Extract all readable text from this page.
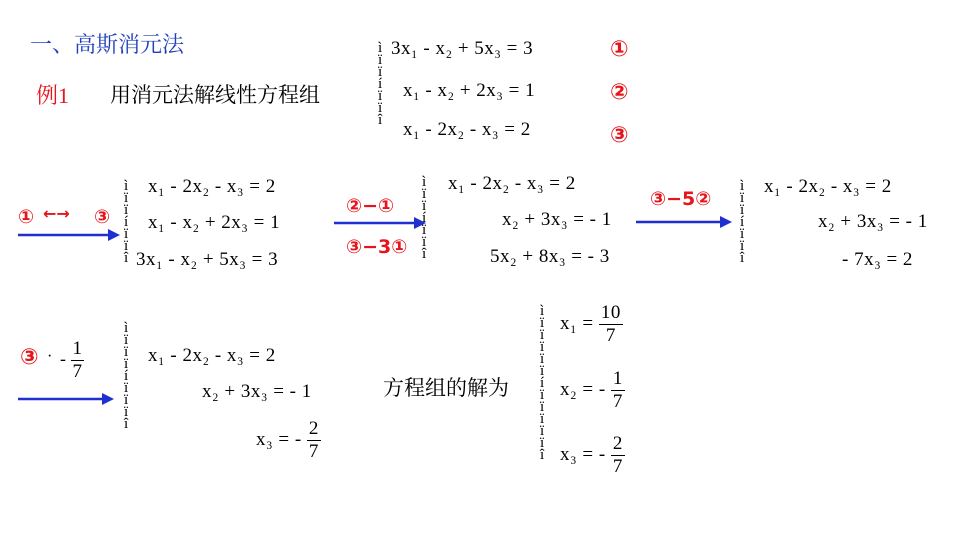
一、高斯消元法
例1 用消元法解线性方程组
ì
ï
ï
í
ï
ï
î
3x₁ - x₂ + 5x₃ = 3
x₁ - x₂ + 2x₃ = 1
x₁ - 2x₂ - x₃ = 2
①
②
③
① ←→ ③
ì
ï
ï
í
ï
ï
î
x₁ - 2x₂ - x₃ = 2
x₁ - x₂ + 2x₃ = 1
3x₁ - x₂ + 5x₃ = 3
②−①
③−3①
ì
ï
ï
í
ï
ï
î
x₁ - 2x₂ - x₃ = 2
x₂ + 3x₃ = - 1
5x₂ + 8x₃ = - 3
③−5②
ì
ï
ï
í
ï
ï
î
x₁ - 2x₂ - x₃ = 2
x₂ + 3x₃ = - 1
- 7x₃ = 2
③ · - $\frac{1}{7}$
ì
ï
ï
ï
í
ï
ï
ï
î
x₁ - 2x₂ - x₃ = 2
x₂ + 3x₃ = - 1
x₃ = - $\frac{2}{7}$
方程组的解为
ì
ï
ï
ï
ï
ï
í
ï
ï
ï
ï
ï
î
$x_1 = \frac{10}{7}$
x₂ = - $\frac{1}{7}$
x₃ = - $\frac{2}{7}$
